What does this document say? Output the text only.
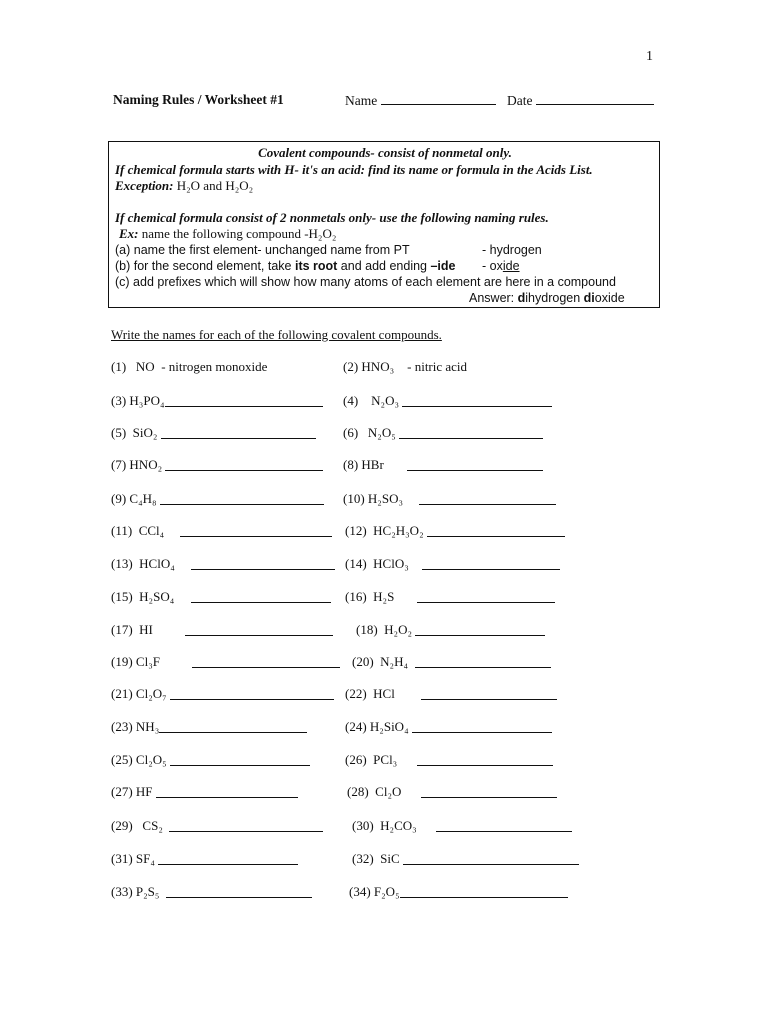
1
Naming Rules / Worksheet #1	Name	Date
Covalent compounds- consist of nonmetal only.
If chemical formula starts with H- it's an acid: find its name or formula in the Acids List.
Exception: H₂O and H₂O₂
If chemical formula consist of 2 nonmetals only- use the following naming rules.
Ex: name the following compound -H₂O₂
(a) name the first element- unchanged name from PT	- hydrogen
(b) for the second element, take its root and add ending –ide - oxide
(c) add prefixes which will show how many atoms of each element are here in a compound
Answer: dihydrogen dioxide
Write the names for each of the following covalent compounds.
(1) NO - nitrogen monoxide	(2) HNO₃ - nitric acid
(3) H₃PO₄	(4) N₂O₃
(5) SiO₂	(6) N₂O₅
(7) HNO₂	(8) HBr
(9) C₄H₈	(10) H₂SO₃
(11) CCl₄	(12) HC₂H₃O₂
(13) HClO₄	(14) HClO₃
(15) H₂SO₄	(16) H₂S
(17) HI	(18) H₂O₂
(19) Cl₃F	(20) N₂H₄
(21) Cl₂O₇	(22) HCl
(23) NH₃	(24) H₂SiO₄
(25) Cl₂O₅	(26) PCl₃
(27) HF	(28) Cl₂O
(29) CS₂	(30) H₂CO₃
(31) SF₄	(32) SiC
(33) P₂S₅	(34) F₂O₅
